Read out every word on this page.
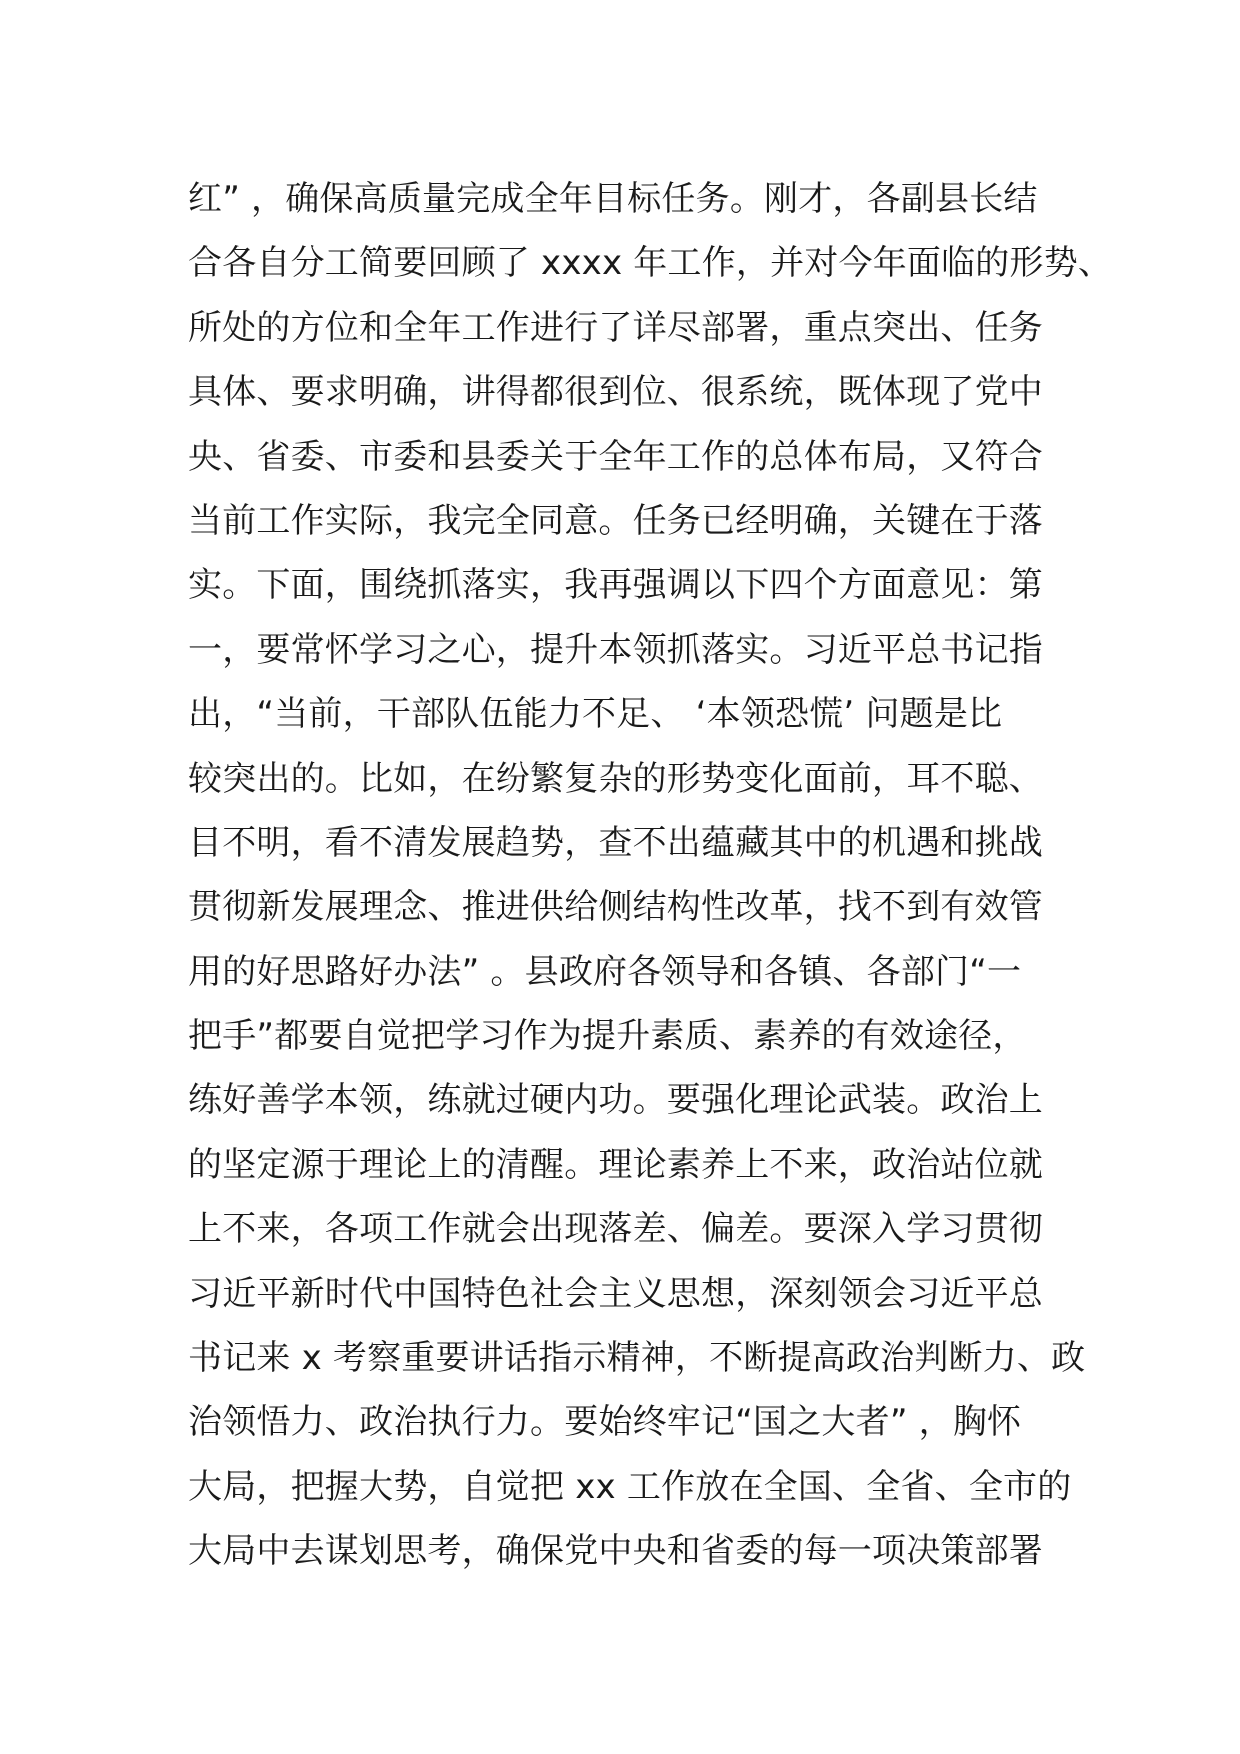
红” ，确保高质量完成全年目标任务。刚才，各副县长结
合各自分工简要回顾了 xxxx 年工作，并对今年面临的形势、
所处的方位和全年工作进行了详尽部署，重点突出、任务
具体、要求明确，讲得都很到位、很系统，既体现了党中
央、省委、市委和县委关于全年工作的总体布局，又符合
当前工作实际，我完全同意。任务已经明确，关键在于落
实。下面，围绕抓落实，我再强调以下四个方面意见：第
一，要常怀学习之心，提升本领抓落实。习近平总书记指
出，“当前，干部队伍能力不足、 ‘本领恐慌’ 问题是比
较突出的。比如，在纷繁复杂的形势变化面前，耳不聪、
目不明，看不清发展趋势，查不出蕴藏其中的机遇和挑战
贯彻新发展理念、推进供给侧结构性改革，找不到有效管
用的好思路好办法” 。县政府各领导和各镇、各部门“一
把手”都要自觉把学习作为提升素质、素养的有效途径，
练好善学本领，练就过硬内功。要强化理论武装。政治上
的坚定源于理论上的清醒。理论素养上不来，政治站位就
上不来，各项工作就会出现落差、偏差。要深入学习贯彻
习近平新时代中国特色社会主义思想，深刻领会习近平总
书记来 x 考察重要讲话指示精神，不断提高政治判断力、政
治领悟力、政治执行力。要始终牢记“国之大者” ，胸怀
大局，把握大势，自觉把 xx 工作放在全国、全省、全市的
大局中去谋划思考，确保党中央和省委的每一项决策部署
